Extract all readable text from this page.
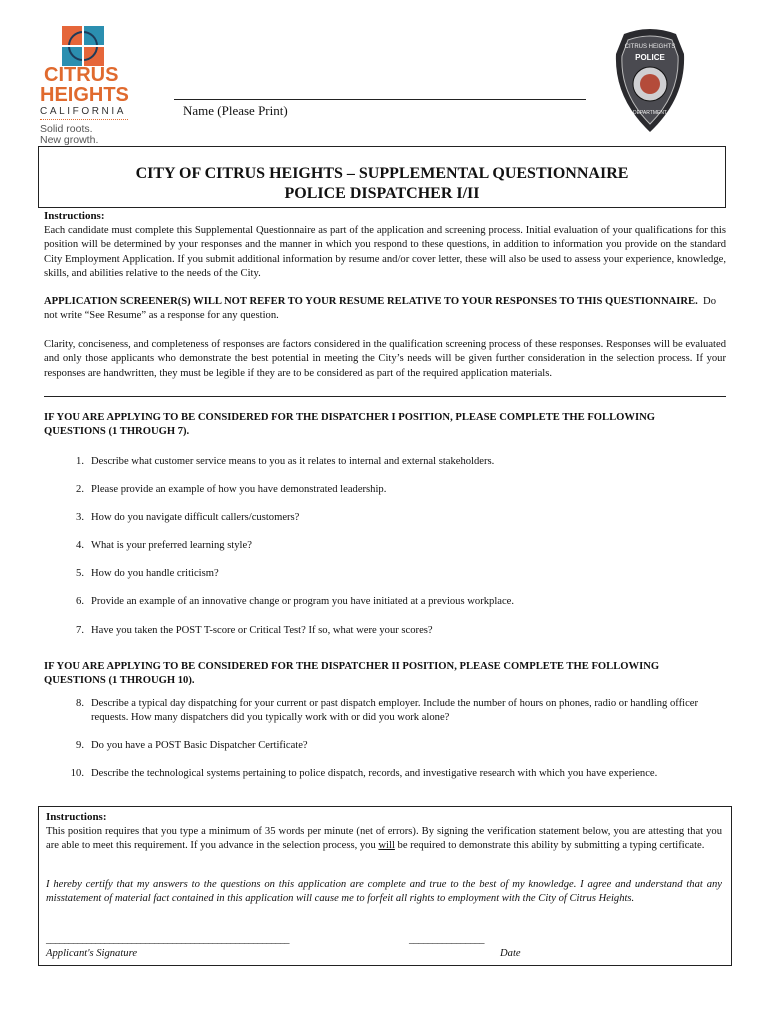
CITRUS
HEIGHTS
CALIFORNIA
Solid roots.
New growth.
CITRUS HEIGHTS
POLICE
DEPARTMENT
Name (Please Print)
CITY OF CITRUS HEIGHTS – SUPPLEMENTAL QUESTIONNAIRE
POLICE DISPATCHER I/II
Instructions:
Each candidate must complete this Supplemental Questionnaire as part of the application and screening process. Initial evaluation of your qualifications for this position will be determined by your responses and the manner in which you respond to these questions, in addition to information you provide on the standard City Employment Application. If you submit additional information by resume and/or cover letter, these will also be used to assess your experience, knowledge, skills, and abilities relative to the needs of the City.
APPLICATION SCREENER(S) WILL NOT REFER TO YOUR RESUME RELATIVE TO YOUR RESPONSES TO THIS QUESTIONNAIRE. Do not write “See Resume” as a response for any question.
Clarity, conciseness, and completeness of responses are factors considered in the qualification screening process of these responses. Responses will be evaluated and only those applicants who demonstrate the best potential in meeting the City’s needs will be given further consideration in the selection process. If your responses are handwritten, they must be legible if they are to be considered as part of the required application materials.
IF YOU ARE APPLYING TO BE CONSIDERED FOR THE DISPATCHER I POSITION, PLEASE COMPLETE THE FOLLOWING QUESTIONS (1 THROUGH 7).
1. Describe what customer service means to you as it relates to internal and external stakeholders.
2. Please provide an example of how you have demonstrated leadership.
3. How do you navigate difficult callers/customers?
4. What is your preferred learning style?
5. How do you handle criticism?
6. Provide an example of an innovative change or program you have initiated at a previous workplace.
7. Have you taken the POST T-score or Critical Test? If so, what were your scores?
IF YOU ARE APPLYING TO BE CONSIDERED FOR THE DISPATCHER II POSITION, PLEASE COMPLETE THE FOLLOWING QUESTIONS (1 THROUGH 10).
8. Describe a typical day dispatching for your current or past dispatch employer. Include the number of hours on phones, radio or handling officer requests. How many dispatchers did you typically work with or did you work alone?
9. Do you have a POST Basic Dispatcher Certificate?
10. Describe the technological systems pertaining to police dispatch, records, and investigative research with which you have experience.
Instructions:
This position requires that you type a minimum of 35 words per minute (net of errors). By signing the verification statement below, you are attesting that you are able to meet this requirement. If you advance in the selection process, you will be required to demonstrate this ability by submitting a typing certificate.
I hereby certify that my answers to the questions on this application are complete and true to the best of my knowledge. I agree and understand that any misstatement of material fact contained in this application will cause me to forfeit all rights to employment with the City of Citrus Heights.
______________________________________________________	________________
Applicant's Signature	Date
